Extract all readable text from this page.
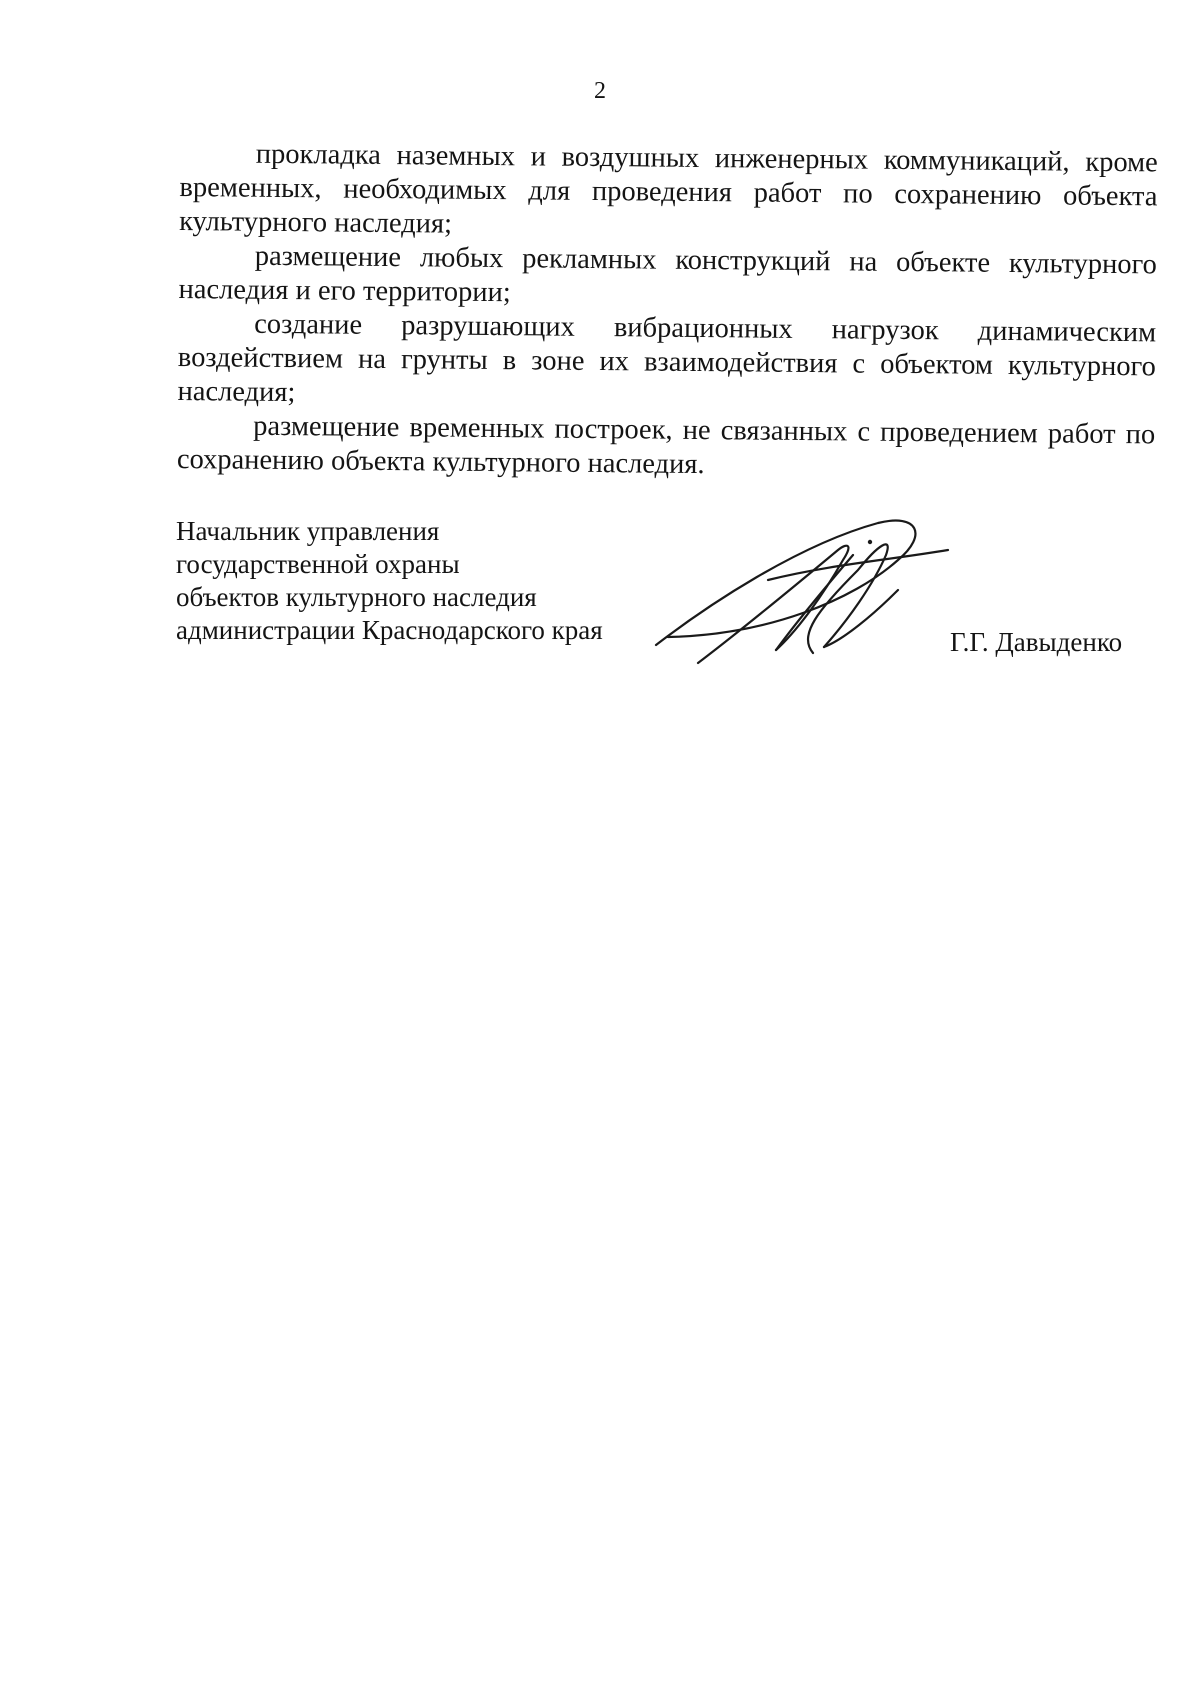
2

прокладка наземных и воздушных инженерных коммуникаций, кроме временных, необходимых для проведения работ по сохранению объекта культурного наследия;

размещение любых рекламных конструкций на объекте культурного наследия и его территории;

создание разрушающих вибрационных нагрузок динамическим воздействием на грунты в зоне их взаимодействия с объектом культурного наследия;

размещение временных построек, не связанных с проведением работ по сохранению объекта культурного наследия.

Начальник управления
государственной охраны
объектов культурного наследия
администрации Краснодарского края	Г.Г. Давыденко
